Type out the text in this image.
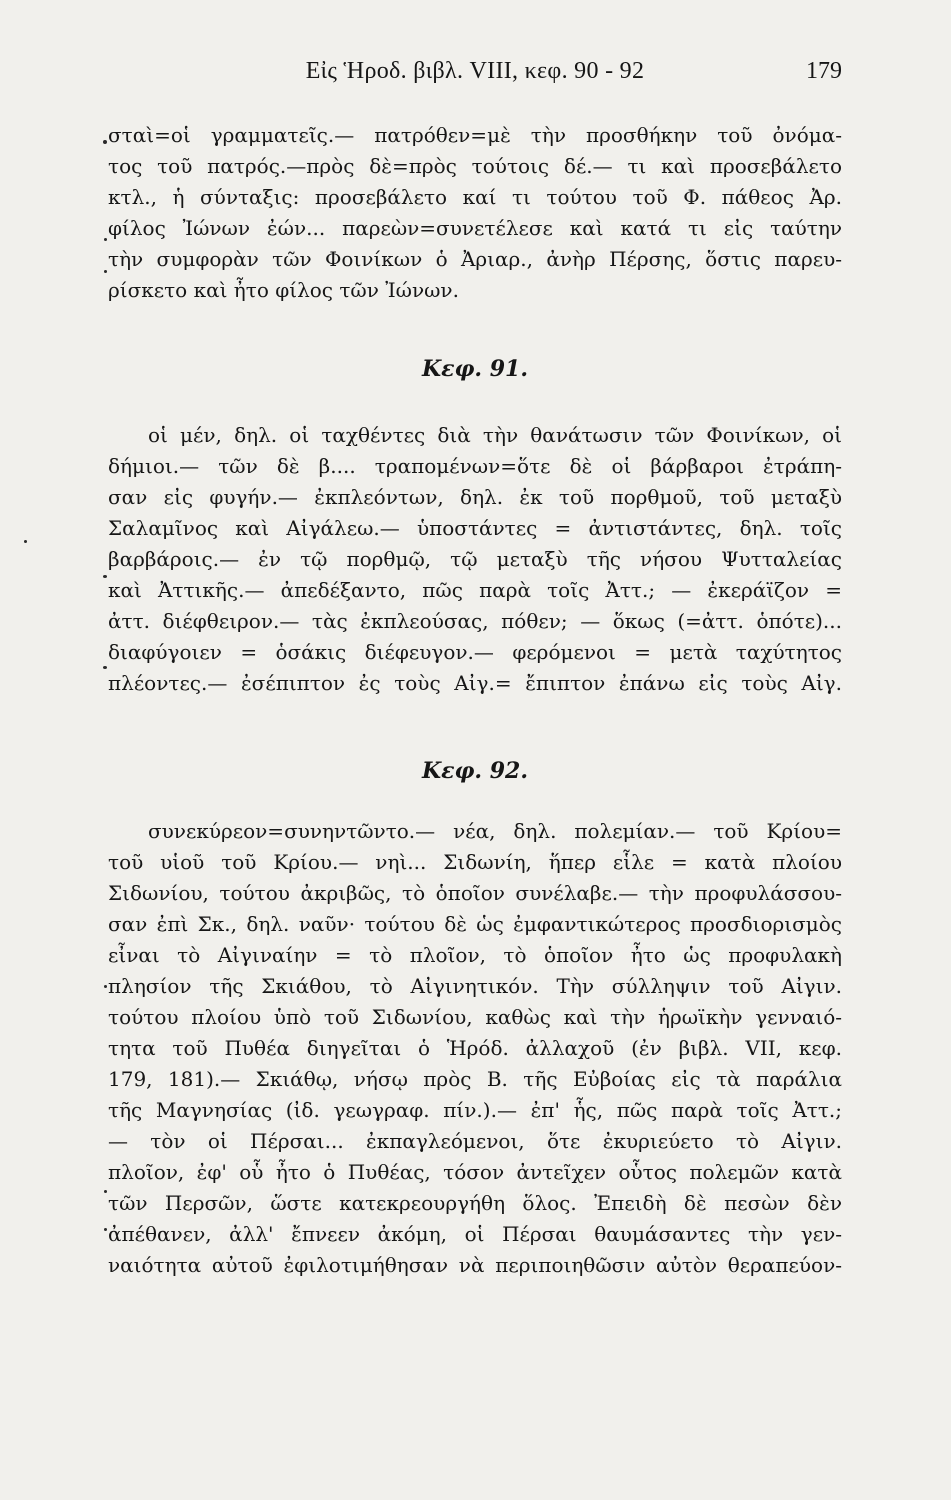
Εἰς Ἡροδ. βιβλ. VIII, κεφ. 90 - 92	179

σταὶ=οἱ γραμματεῖς.— πατρόθεν=μὲ τὴν προσθήκην τοῦ ὀνόμα-

τος τοῦ πατρός.—πρὸς δὲ=πρὸς τούτοις δέ.— τι καὶ προσεβάλετο

κτλ., ἡ σύνταξις: προσεβάλετο καί τι τούτου τοῦ Φ. πάθεος Ἀρ.

φίλος Ἰώνων ἐών... παρεὼν=συνετέλεσε καὶ κατά τι εἰς ταύτην

τὴν συμφορὰν τῶν Φοινίκων ὁ Ἀριαρ., ἀνὴρ Πέρσης, ὅστις παρευ-

ρίσκετο καὶ ἦτο φίλος τῶν Ἰώνων.

Κεφ. 91.

οἱ μέν, δηλ. οἱ ταχθέντες διὰ τὴν θανάτωσιν τῶν Φοινίκων, οἱ

δήμιοι.— τῶν δὲ β.... τραπομένων=ὅτε δὲ οἱ βάρβαροι ἐτράπη-

σαν εἰς φυγήν.— ἐκπλεόντων, δηλ. ἐκ τοῦ πορθμοῦ, τοῦ μεταξὺ

Σαλαμῖνος καὶ Αἰγάλεω.— ὑποστάντες = ἀντιστάντες, δηλ. τοῖς

βαρβάροις.— ἐν τῷ πορθμῷ, τῷ μεταξὺ τῆς νήσου Ψυτταλείας

καὶ Ἀττικῆς.— ἀπεδέξαντο, πῶς παρὰ τοῖς Ἀττ.; — ἐκεράϊζον =

ἀττ. διέφθειρον.— τὰς ἐκπλεούσας, πόθεν; — ὅκως (=ἀττ. ὁπότε)...

διαφύγοιεν = ὁσάκις διέφευγον.— φερόμενοι = μετὰ ταχύτητος

πλέοντες.— ἐσέπιπτον ἐς τοὺς Αἰγ.= ἔπιπτον ἐπάνω εἰς τοὺς Αἰγ.

Κεφ. 92.

συνεκύρεον=συνηντῶντο.— νέα, δηλ. πολεμίαν.— τοῦ Κρίου=

τοῦ υἱοῦ τοῦ Κρίου.— νηὶ... Σιδωνίη, ἥπερ εἷλε = κατὰ πλοίου

Σιδωνίου, τούτου ἀκριβῶς, τὸ ὁποῖον συνέλαβε.— τὴν προφυλάσσου-

σαν ἐπὶ Σκ., δηλ. ναῦν· τούτου δὲ ὡς ἐμφαντικώτερος προσδιορισμὸς

εἶναι τὸ Αἰγιναίην = τὸ πλοῖον, τὸ ὁποῖον ἦτο ὡς προφυλακὴ

πλησίον τῆς Σκιάθου, τὸ Αἰγινητικόν. Τὴν σύλληψιν τοῦ Αἰγιν.

τούτου πλοίου ὑπὸ τοῦ Σιδωνίου, καθὼς καὶ τὴν ἡρωϊκὴν γενναιό-

τητα τοῦ Πυθέα διηγεῖται ὁ Ἡρόδ. ἀλλαχοῦ (ἐν βιβλ. VII, κεφ.

179, 181).— Σκιάθῳ, νήσῳ πρὸς Β. τῆς Εὐβοίας εἰς τὰ παράλια

τῆς Μαγνησίας (ἰδ. γεωγραφ. πίν.).— ἐπ' ἧς, πῶς παρὰ τοῖς Ἀττ.;

— τὸν οἱ Πέρσαι... ἐκπαγλεόμενοι, ὅτε ἐκυριεύετο τὸ Αἰγιν.

πλοῖον, ἐφ' οὗ ἦτο ὁ Πυθέας, τόσον ἀντεῖχεν οὗτος πολεμῶν κατὰ

τῶν Περσῶν, ὥστε κατεκρεουργήθη ὅλος. Ἐπειδὴ δὲ πεσὼν δὲν

ἀπέθανεν, ἀλλ' ἔπνεεν ἀκόμη, οἱ Πέρσαι θαυμάσαντες τὴν γεν-

ναιότητα αὐτοῦ ἐφιλοτιμήθησαν νὰ περιποιηθῶσιν αὐτὸν θεραπεύον-
